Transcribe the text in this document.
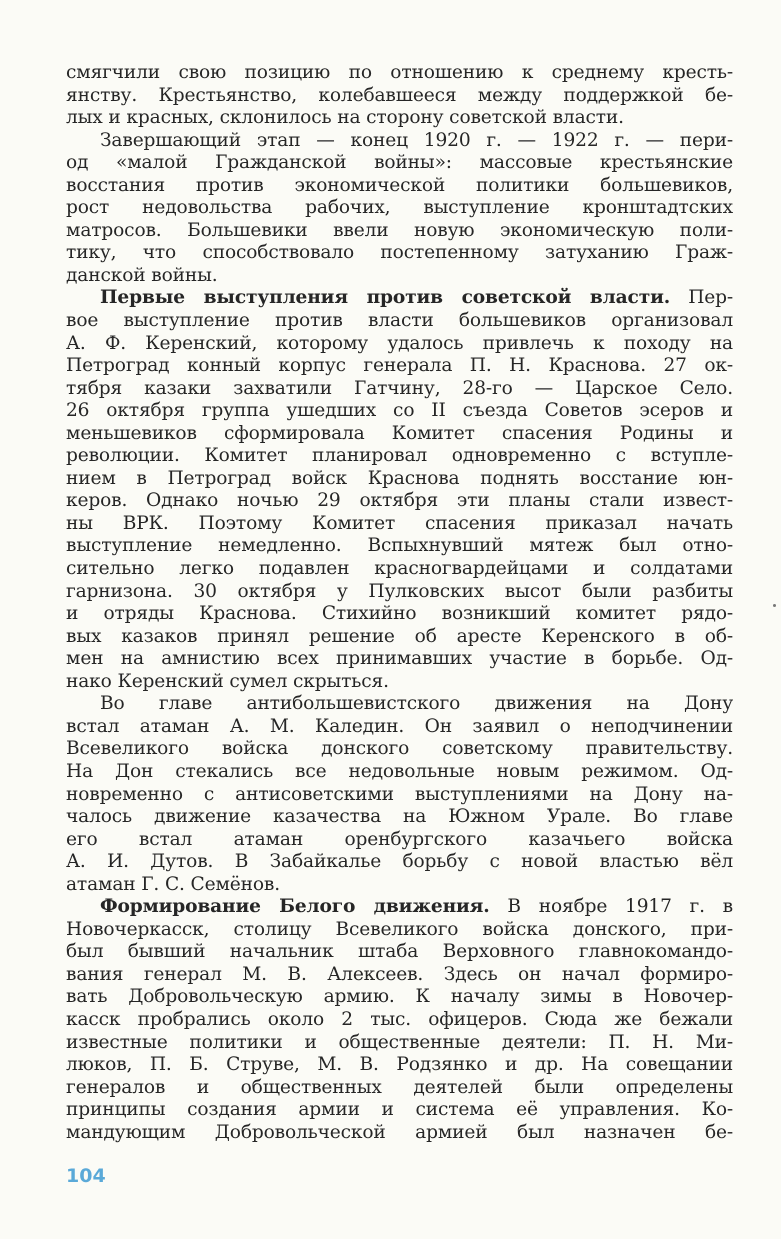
смягчили свою позицию по отношению к среднему кресть-
янству. Крестьянство, колебавшееся между поддержкой бе-
лых и красных, склонилось на сторону советской власти.
Завершающий этап — конец 1920 г. — 1922 г. — пери-
од «малой Гражданской войны»: массовые крестьянские
восстания против экономической политики большевиков,
рост недовольства рабочих, выступление кронштадтских
матросов. Большевики ввели новую экономическую поли-
тику, что способствовало постепенному затуханию Граж-
данской войны.
Первые выступления против советской власти. Пер-
вое выступление против власти большевиков организовал
А. Ф. Керенский, которому удалось привлечь к походу на
Петроград конный корпус генерала П. Н. Краснова. 27 ок-
тября казаки захватили Гатчину, 28-го — Царское Село.
26 октября группа ушедших со II съезда Советов эсеров и
меньшевиков сформировала Комитет спасения Родины и
революции. Комитет планировал одновременно с вступле-
нием в Петроград войск Краснова поднять восстание юн-
керов. Однако ночью 29 октября эти планы стали извест-
ны ВРК. Поэтому Комитет спасения приказал начать
выступление немедленно. Вспыхнувший мятеж был отно-
сительно легко подавлен красногвардейцами и солдатами
гарнизона. 30 октября у Пулковских высот были разбиты
и отряды Краснова. Стихийно возникший комитет рядо-
вых казаков принял решение об аресте Керенского в об-
мен на амнистию всех принимавших участие в борьбе. Од-
нако Керенский сумел скрыться.
Во главе антибольшевистского движения на Дону
встал атаман А. М. Каледин. Он заявил о неподчинении
Всевеликого войска донского советскому правительству.
На Дон стекались все недовольные новым режимом. Од-
новременно с антисоветскими выступлениями на Дону на-
чалось движение казачества на Южном Урале. Во главе
его встал атаман оренбургского казачьего войска
А. И. Дутов. В Забайкалье борьбу с новой властью вёл
атаман Г. С. Семёнов.
Формирование Белого движения. В ноябре 1917 г. в
Новочеркасск, столицу Всевеликого войска донского, при-
был бывший начальник штаба Верховного главнокомандо-
вания генерал М. В. Алексеев. Здесь он начал формиро-
вать Добровольческую армию. К началу зимы в Новочер-
касск пробрались около 2 тыс. офицеров. Сюда же бежали
известные политики и общественные деятели: П. Н. Ми-
люков, П. Б. Струве, М. В. Родзянко и др. На совещании
генералов и общественных деятелей были определены
принципы создания армии и система её управления. Ко-
мандующим Добровольческой армией был назначен бе-
104
